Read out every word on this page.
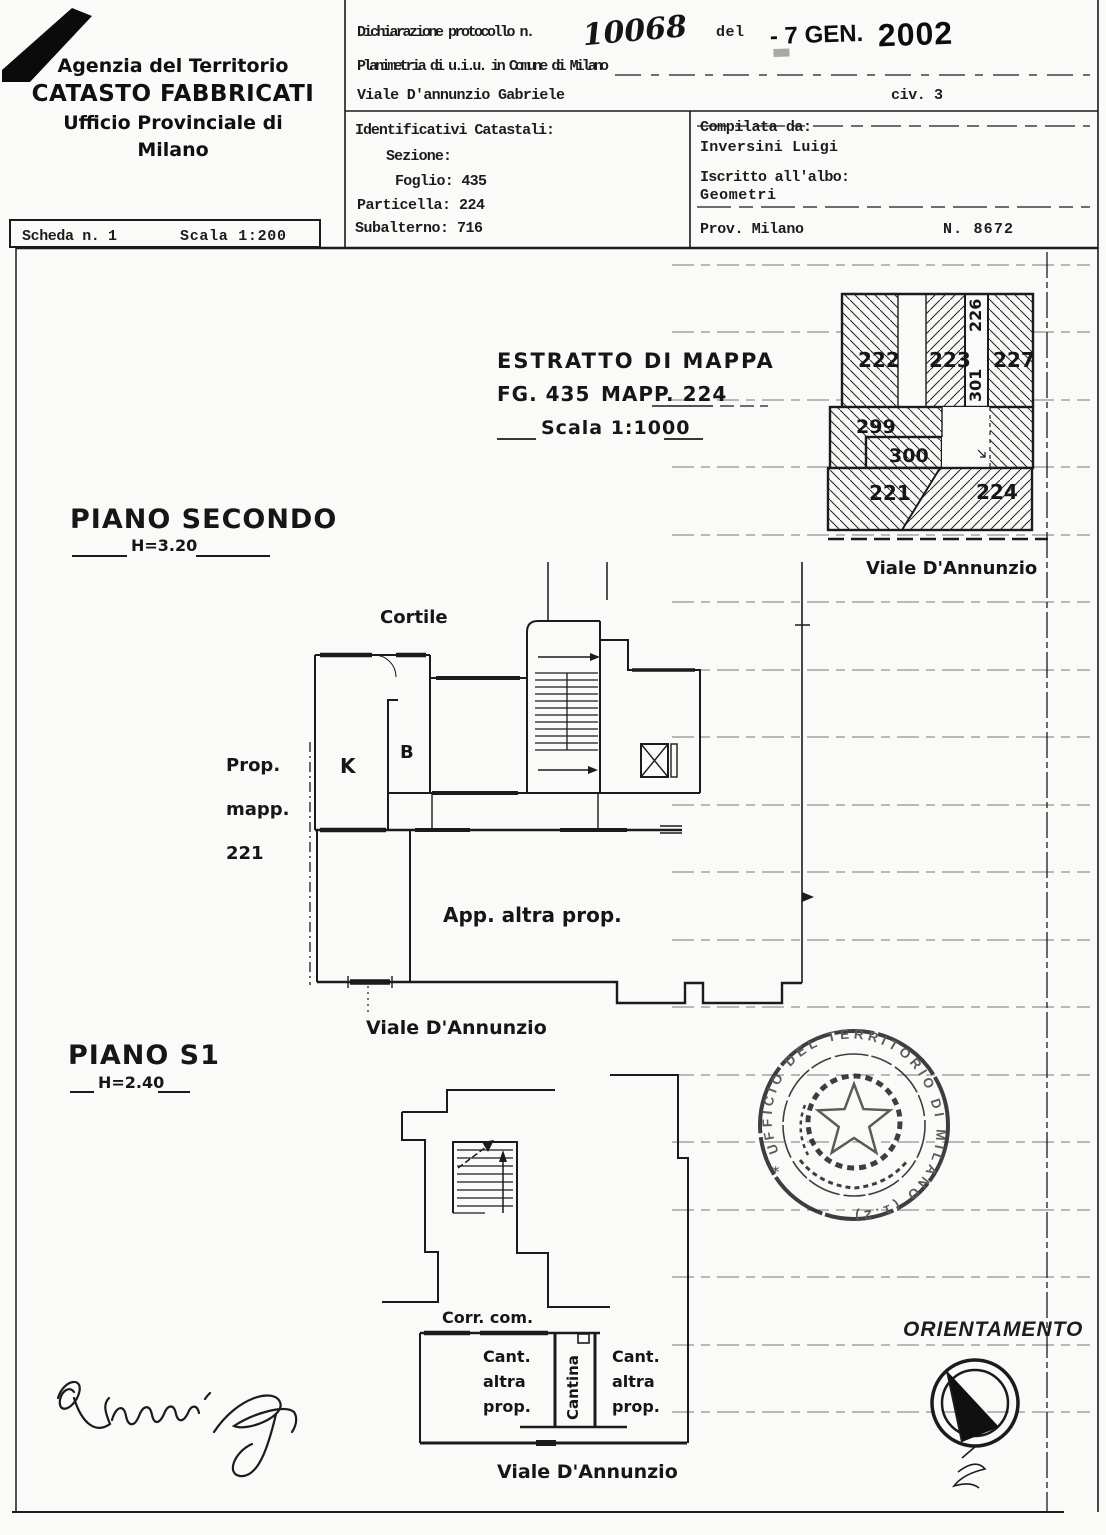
Agenzia del Territorio
CATASTO FABBRICATI
Ufficio Provinciale di
Milano
Scheda n. 1	Scala 1:200
Dichiarazione protocollo n. 10068 del - 7 GEN. 2002
Planimetria di u.i.u. in Comune di Milano
Viale D'annunzio Gabriele	civ. 3
Identificativi Catastali:
Sezione:
Foglio: 435
Particella: 224
Subalterno: 716
Compilata da:
Inversini Luigi
Iscritto all'albo:
Geometri
Prov. Milano	N. 8672
ESTRATTO DI MAPPA
FG. 435 MAPP. 224
Scala 1:1000
222 223
226
301
227
299
300
221	224
Viale D'Annunzio
PIANO SECONDO
H=3.20
Cortile
K
B
Prop.
mapp.
221
App. altra prop.
Viale D'Annunzio
PIANO S1
H=2.40
Corr. com.
Cant.
altra
prop. Cantina Cant.
altra
prop.
Viale D'Annunzio
UFFICIO DEL TERRITORIO DI MILANO (1.2)
*
ORIENTAMENTO
